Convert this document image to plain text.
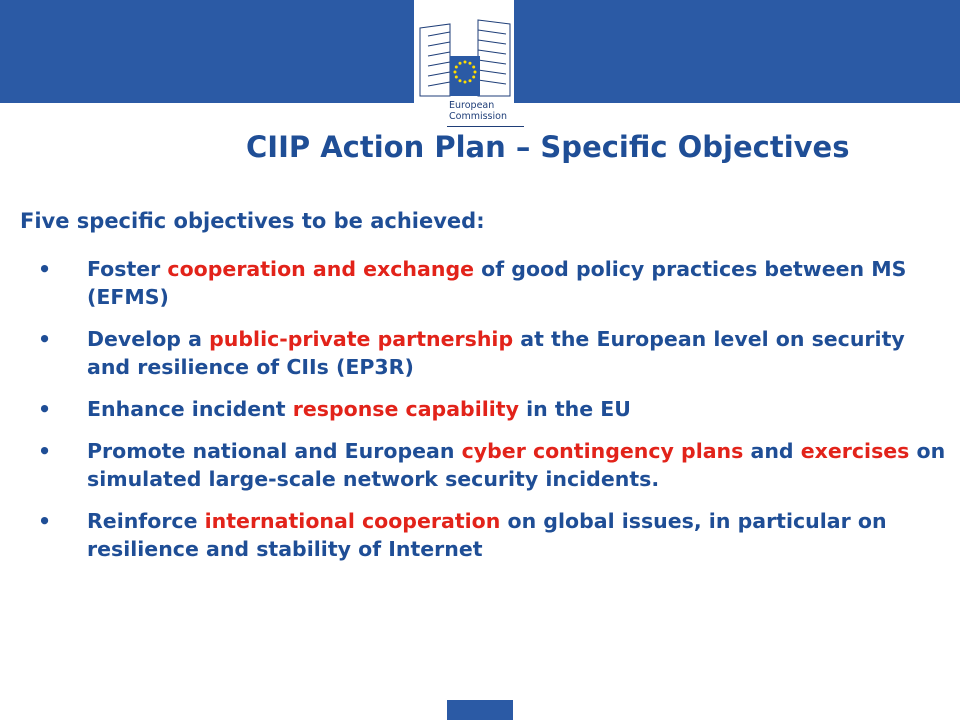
European
Commission
CIIP Action Plan – Specific Objectives
Five specific objectives to be achieved:
• Foster cooperation and exchange of good policy practices between MS (EFMS)
• Develop a public-private partnership at the European level on security and resilience of CIIs (EP3R)
• Enhance incident response capability in the EU
• Promote national and European cyber contingency plans and exercises on simulated large-scale network security incidents.
• Reinforce international cooperation on global issues, in particular on resilience and stability of Internet
